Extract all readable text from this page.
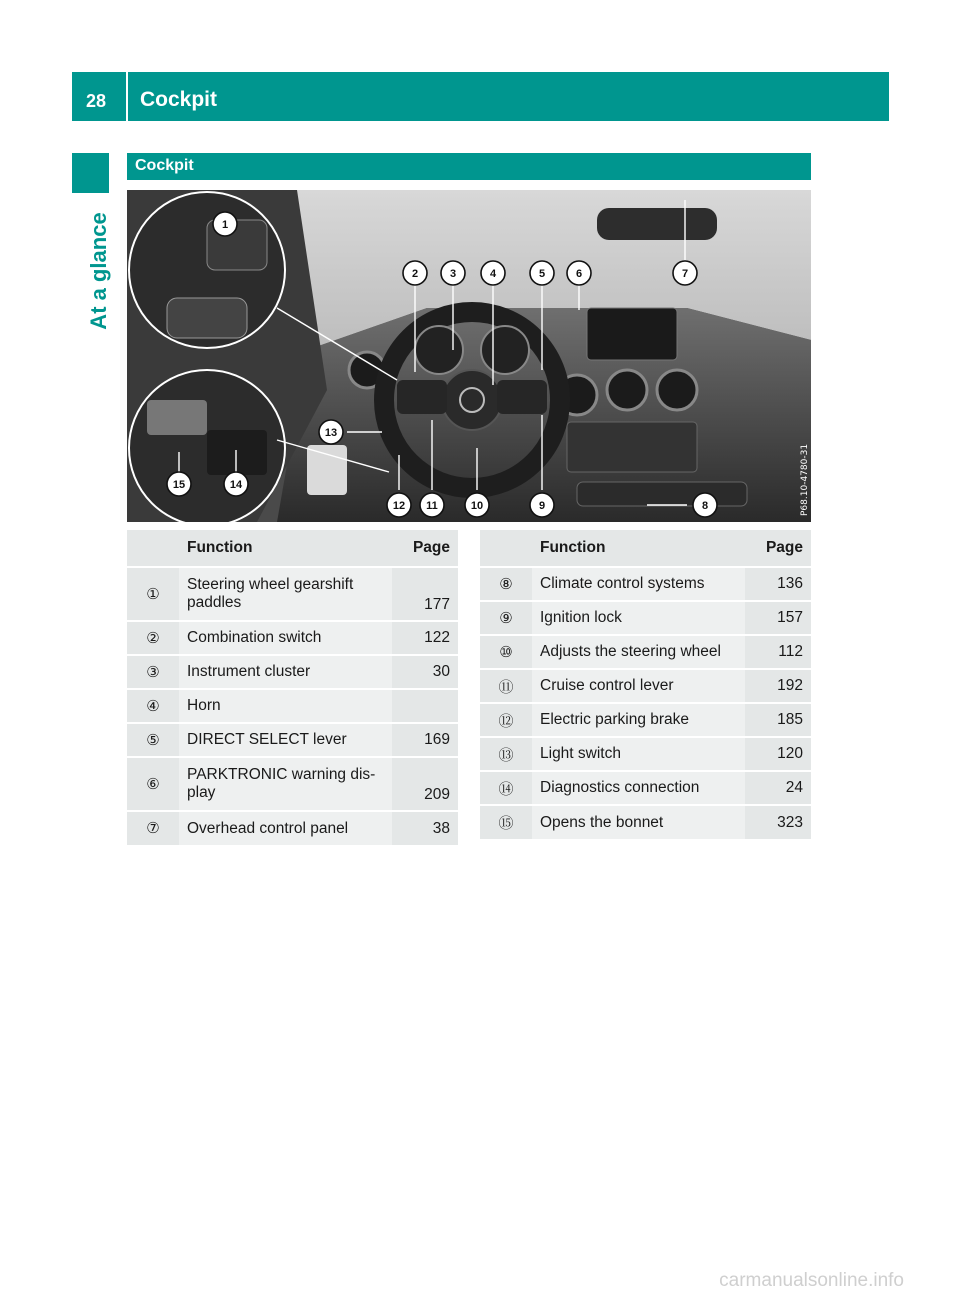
28 Cockpit
At a glance
Cockpit
1
2	3	4	5	6	7
8
9
10
11
12
13
14
15	P68.10-4780-31
	Function	Page
①	Steering wheel gearshift paddles	177
②	Combination switch	122
③	Instrument cluster	30
④	Horn	
⑤	DIRECT SELECT lever	169
⑥	PARKTRONIC warning dis-play	209
⑦	Overhead control panel	38
	Function	Page
⑧	Climate control systems	136
⑨	Ignition lock	157
⑩	Adjusts the steering wheel	112
⑪	Cruise control lever	192
⑫	Electric parking brake	185
⑬	Light switch	120
⑭	Diagnostics connection	24
⑮	Opens the bonnet	323
carmanualsonline.info
